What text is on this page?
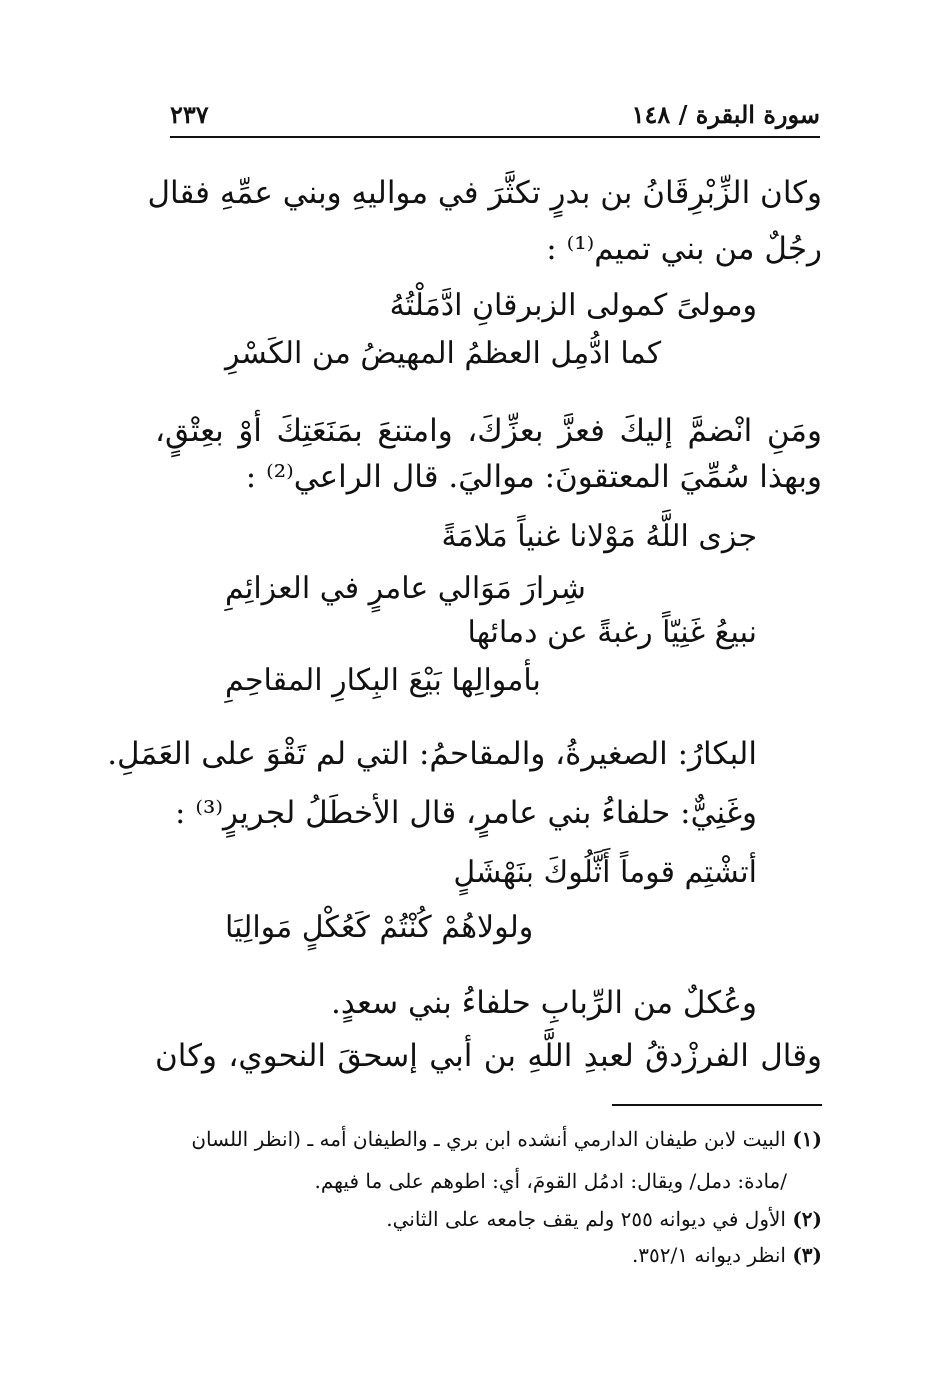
سورة البقرة / ١٤٨
٢٣٧
وكان الزِّبْرِقَانُ بن بدرٍ تكثَّرَ في مواليهِ وبني عمِّهِ فقال
رجُلٌ من بني تميم⁽¹⁾ :
ومولىً كمولى الزبرقانِ ادَّمَلْتُهُ
كما ادُّمِل العظمُ المهيضُ من الكَسْرِ
ومَنِ انْضمَّ إليكَ فعزَّ بعزِّكَ، وامتنعَ بمَنَعَتِكَ أوْ بعِتْقٍ،
وبهذا سُمِّيَ المعتقونَ: مواليَ. قال الراعي⁽²⁾ :
جزى اللَّهُ مَوْلانا غنياً مَلامَةً
شِرارَ مَوَالي عامرٍ في العزائِمِ
نبيعُ غَنِيّاً رغبةً عن دمائها
بأموالِها بَيْعَ البِكارِ المقاحِمِ
البكارُ: الصغيرةُ، والمقاحمُ: التي لم تَقْوَ على العَمَلِ.
وغَنِيٌّ: حلفاءُ بني عامرٍ، قال الأخطَلُ لجريرٍ⁽³⁾ :
أتشْتِم قوماً أَثَّلُوكَ بنَهْشَلٍ
ولولاهُمْ كُنْتُمْ كَعُكْلٍ مَوالِيَا
وعُكلٌ من الرِّبابِ حلفاءُ بني سعدٍ.
وقال الفرزْدقُ لعبدِ اللَّهِ بن أبي إسحقَ النحوي، وكان
(١) البيت لابن طيفان الدارمي أنشده ابن بري ـ والطيفان أمه ـ (انظر اللسان
/مادة: دمل/ ويقال: ادمُل القومَ، أي: اطوهم على ما فيهم.
(٢) الأول في ديوانه ٢٥٥ ولم يقف جامعه على الثاني.
(٣) انظر ديوانه ٣٥٢/١.
